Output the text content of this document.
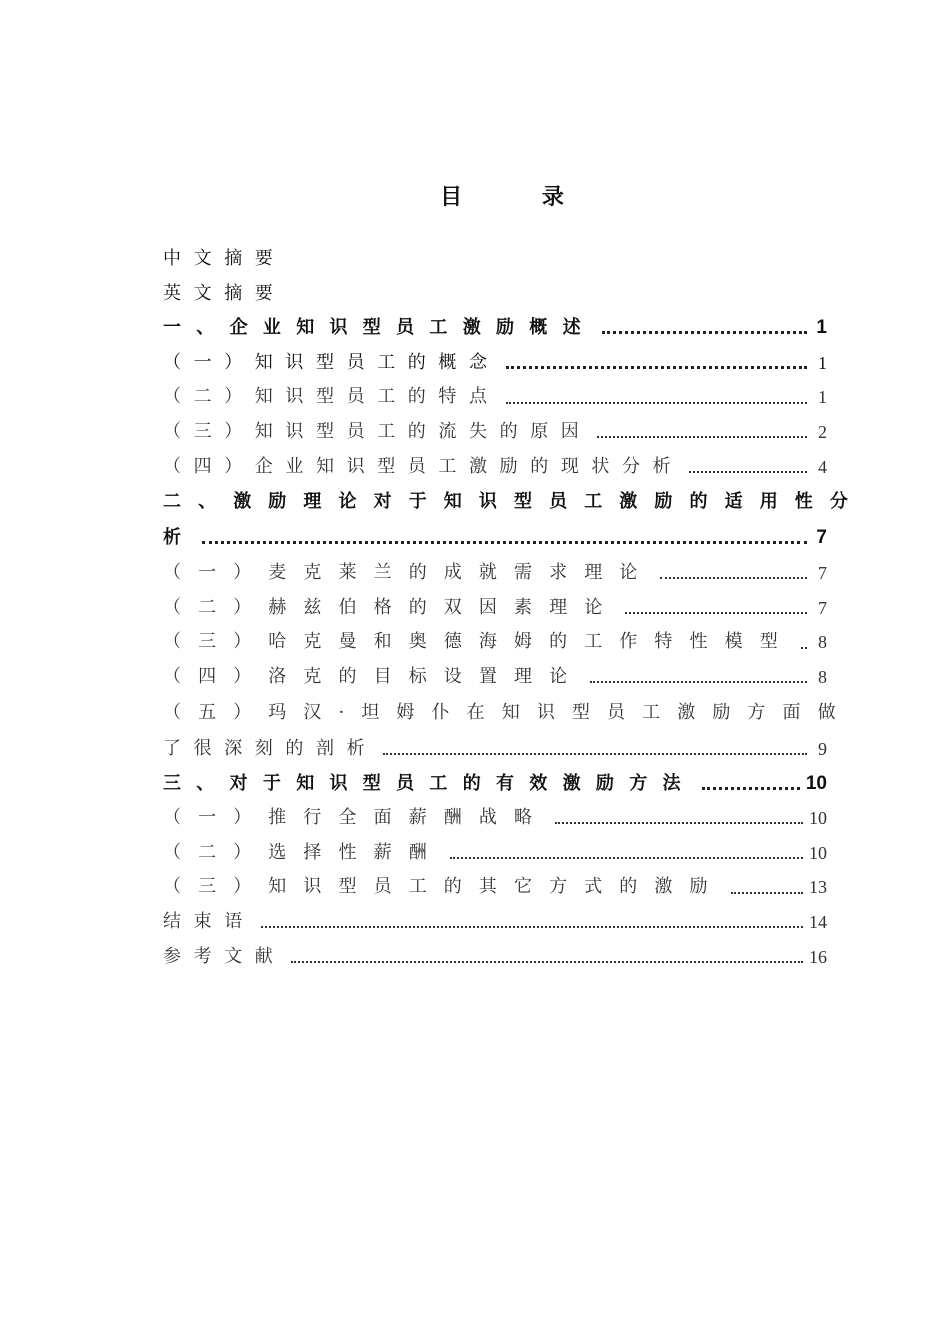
目 录
中文摘要
英文摘要
一、企业知识型员工激励概述	1
（一）知识型员工的概念	1
（二）知识型员工的特点	1
（三）知识型员工的流失的原因	2
（四）企业知识型员工激励的现状分析	4
二、激励理论对于知识型员工激励的适用性分
析	7
（一）麦克莱兰的成就需求理论	7
（二）赫兹伯格的双因素理论	7
（三）哈克曼和奥德海姆的工作特性模型 8
（四）洛克的目标设置理论	8
（五）玛汉·坦姆仆在知识型员工激励方面做
了很深刻的剖析	9
三、对于知识型员工的有效激励方法	10
（一）推行全面薪酬战略	10
（二）选择性薪酬	10
（三）知识型员工的其它方式的激励	13
结束语	14
参考文献	16
